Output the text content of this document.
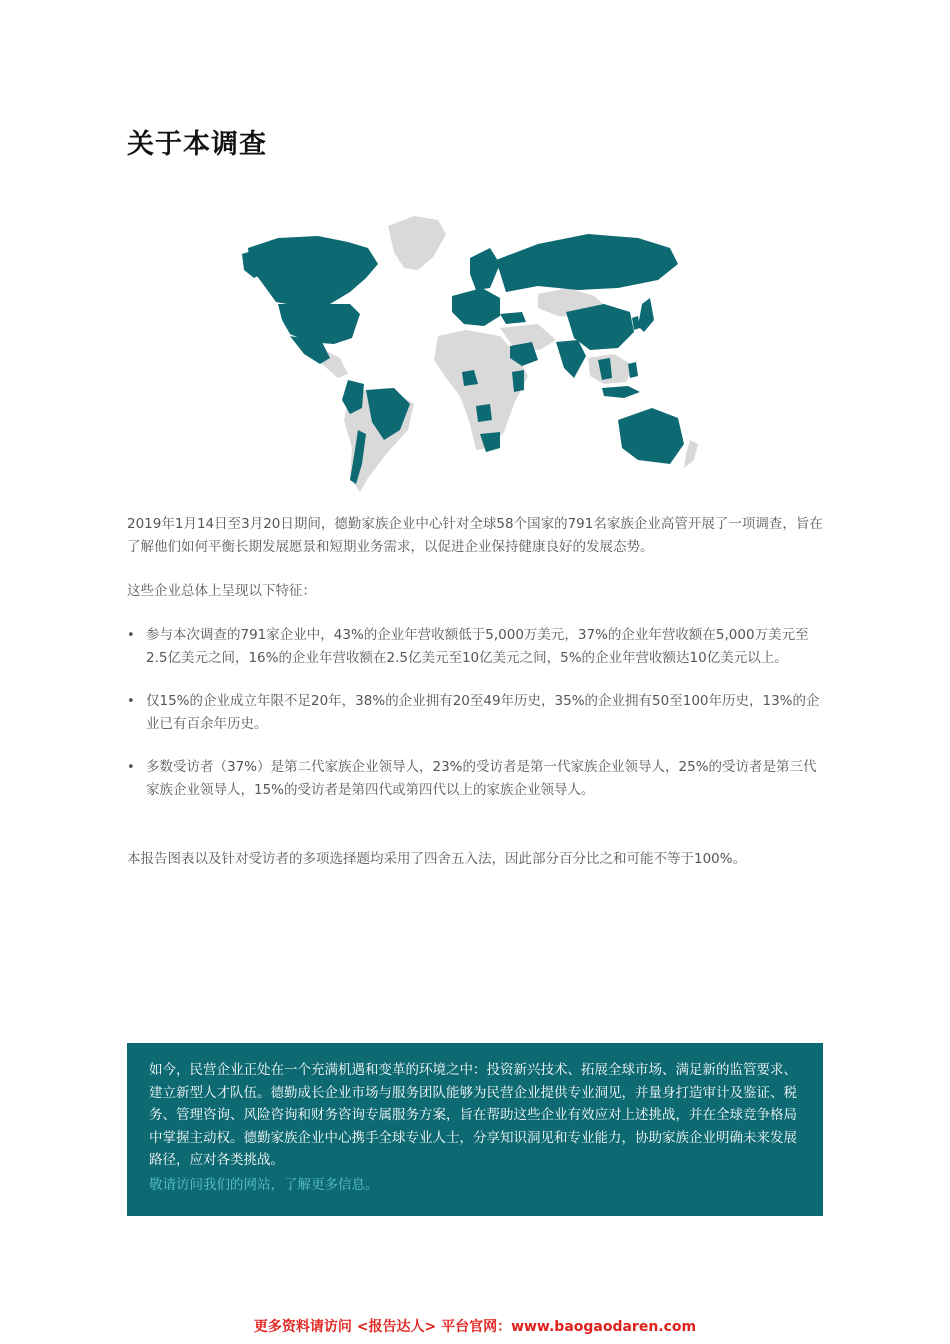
关于本调查
2019年1月14日至3月20日期间，德勤家族企业中心针对全球58个国家的791名家族企业高管开展了一项调查，旨在了解他们如何平衡长期发展愿景和短期业务需求，以促进企业保持健康良好的发展态势。
这些企业总体上呈现以下特征：
• 参与本次调查的791家企业中，43%的企业年营收额低于5,000万美元，37%的企业年营收额在5,000万美元至2.5亿美元之间，16%的企业年营收额在2.5亿美元至10亿美元之间，5%的企业年营收额达10亿美元以上。
• 仅15%的企业成立年限不足20年，38%的企业拥有20至49年历史，35%的企业拥有50至100年历史，13%的企业已有百余年历史。
• 多数受访者（37%）是第二代家族企业领导人，23%的受访者是第一代家族企业领导人，25%的受访者是第三代家族企业领导人，15%的受访者是第四代或第四代以上的家族企业领导人。
本报告图表以及针对受访者的多项选择题均采用了四舍五入法，因此部分百分比之和可能不等于100%。
如今，民营企业正处在一个充满机遇和变革的环境之中：投资新兴技术、拓展全球市场、满足新的监管要求、建立新型人才队伍。德勤成长企业市场与服务团队能够为民营企业提供专业洞见，并量身打造审计及鉴证、税务、管理咨询、风险咨询和财务咨询专属服务方案，旨在帮助这些企业有效应对上述挑战，并在全球竞争格局中掌握主动权。德勤家族企业中心携手全球专业人士，分享知识洞见和专业能力，协助家族企业明确未来发展路径，应对各类挑战。
敬请访问我们的网站，了解更多信息。
更多资料请访问 <报告达人> 平台官网：www.baogaodaren.com
